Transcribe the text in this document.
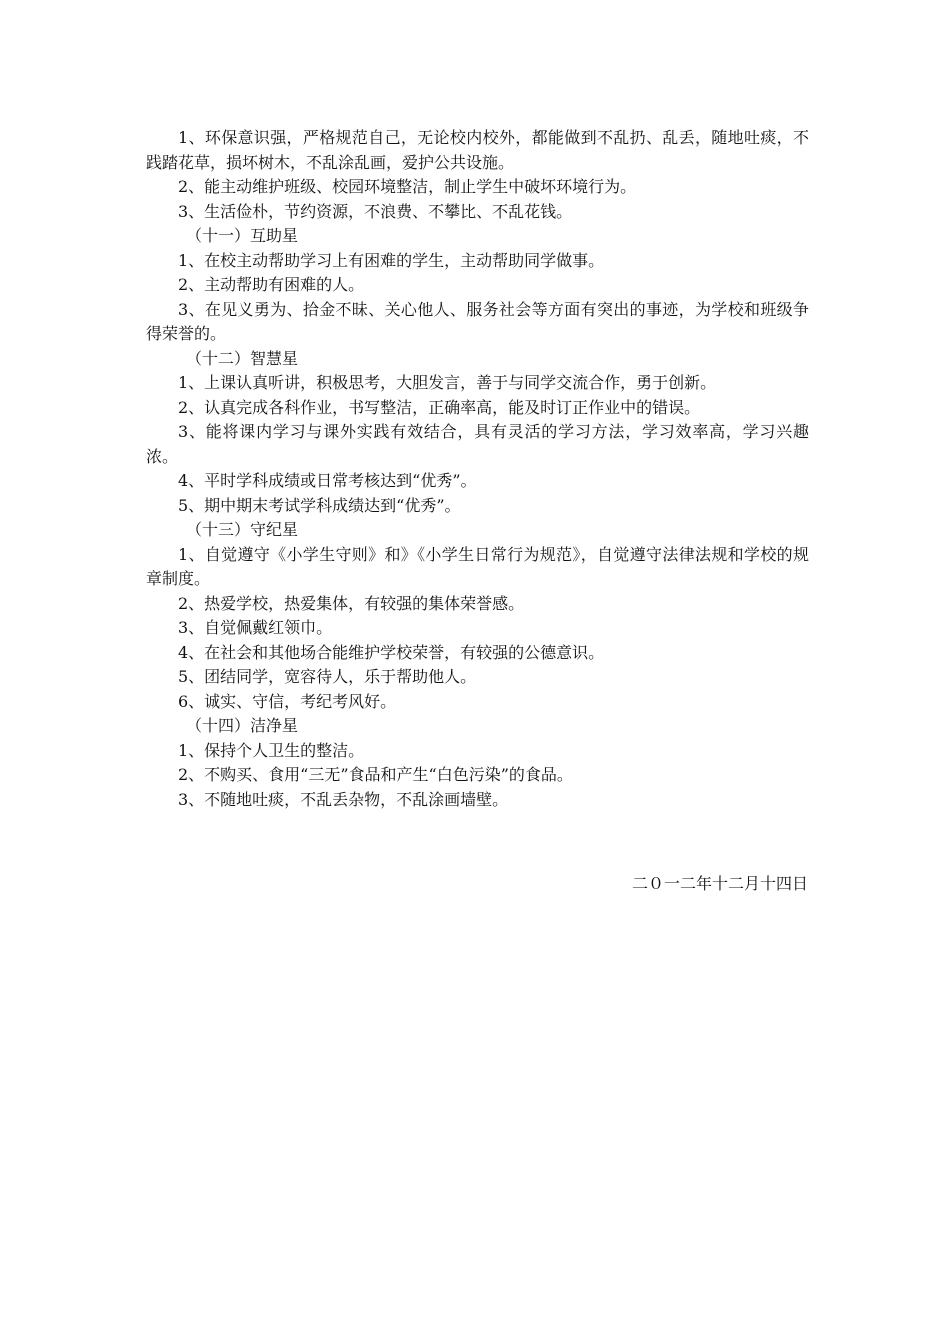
1、环保意识强，严格规范自己，无论校内校外，都能做到不乱扔、乱丢，随地吐痰，不践踏花草，损坏树木，不乱涂乱画，爱护公共设施。

2、能主动维护班级、校园环境整洁，制止学生中破坏环境行为。

3、生活俭朴，节约资源，不浪费、不攀比、不乱花钱。

（十一）互助星

1、在校主动帮助学习上有困难的学生，主动帮助同学做事。

2、主动帮助有困难的人。

3、在见义勇为、拾金不昧、关心他人、服务社会等方面有突出的事迹，为学校和班级争得荣誉的。

（十二）智慧星

1、上课认真听讲，积极思考，大胆发言，善于与同学交流合作，勇于创新。

2、认真完成各科作业，书写整洁，正确率高，能及时订正作业中的错误。

3、能将课内学习与课外实践有效结合，具有灵活的学习方法，学习效率高，学习兴趣浓。

4、平时学科成绩或日常考核达到“优秀”。

5、期中期末考试学科成绩达到“优秀”。

（十三）守纪星

1、自觉遵守《小学生守则》和》《小学生日常行为规范》，自觉遵守法律法规和学校的规章制度。

2、热爱学校，热爱集体，有较强的集体荣誉感。

3、自觉佩戴红领巾。

4、在社会和其他场合能维护学校荣誉，有较强的公德意识。

5、团结同学，宽容待人，乐于帮助他人。

6、诚实、守信，考纪考风好。

（十四）洁净星

1、保持个人卫生的整洁。

2、不购买、食用“三无”食品和产生“白色污染”的食品。

3、不随地吐痰，不乱丢杂物，不乱涂画墙壁。

二０一二年十二月十四日
